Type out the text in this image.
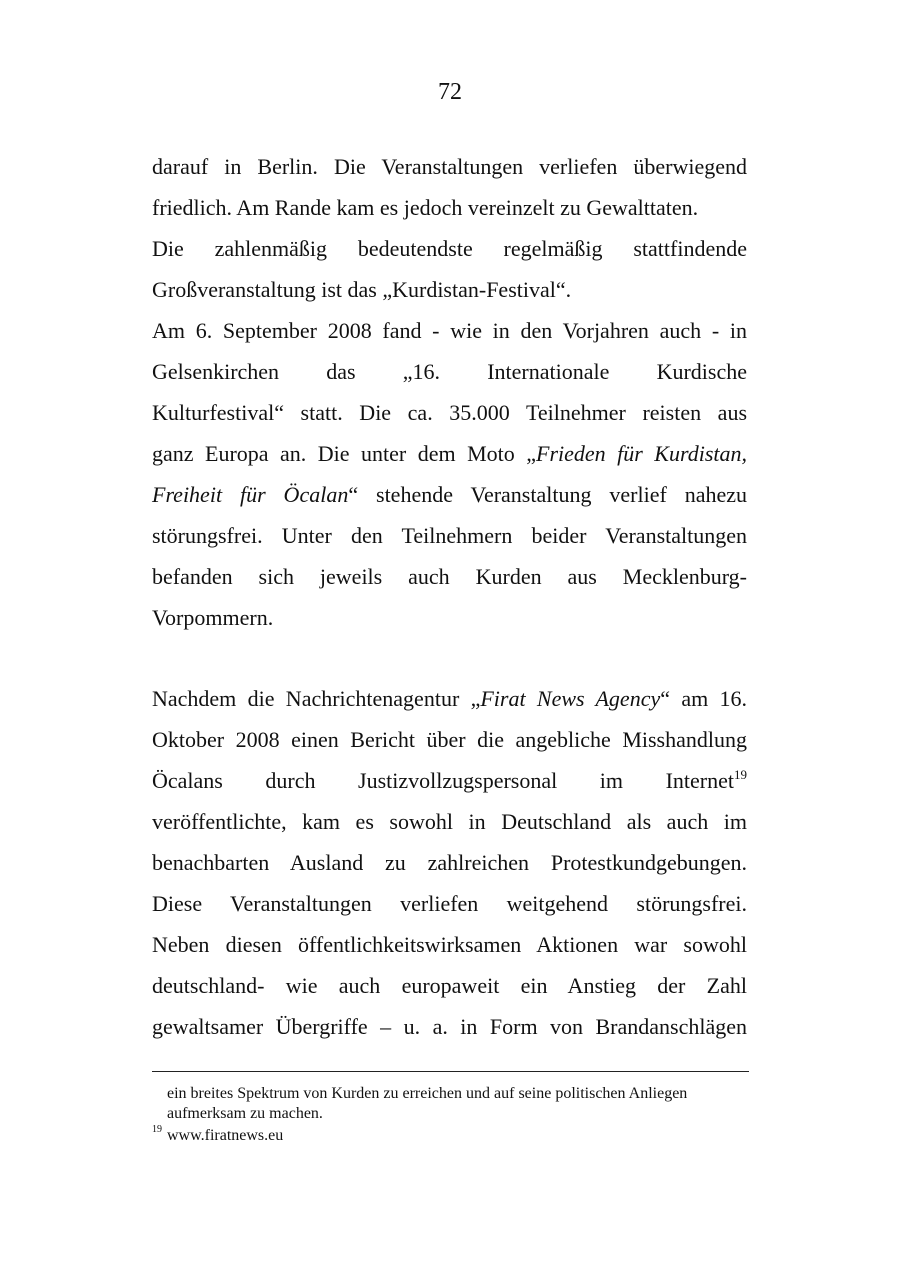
72
darauf in Berlin. Die Veranstaltungen verliefen überwiegend
friedlich. Am Rande kam es jedoch vereinzelt zu Gewalttaten.
Die zahlenmäßig bedeutendste regelmäßig stattfindende
Großveranstaltung ist das „Kurdistan-Festival“.
Am 6. September 2008 fand - wie in den Vorjahren auch - in
Gelsenkirchen das „16. Internationale Kurdische
Kulturfestival“ statt. Die ca. 35.000 Teilnehmer reisten aus
ganz Europa an. Die unter dem Moto „Frieden für Kurdistan,
Freiheit für Öcalan“ stehende Veranstaltung verlief nahezu
störungsfrei. Unter den Teilnehmern beider Veranstaltungen
befanden sich jeweils auch Kurden aus Mecklenburg-
Vorpommern.
Nachdem die Nachrichtenagentur „Firat News Agency“ am 16.
Oktober 2008 einen Bericht über die angebliche Misshandlung
Öcalans durch Justizvollzugspersonal im Internet$^{19}$
veröffentlichte, kam es sowohl in Deutschland als auch im
benachbarten Ausland zu zahlreichen Protestkundgebungen.
Diese Veranstaltungen verliefen weitgehend störungsfrei.
Neben diesen öffentlichkeitswirksamen Aktionen war sowohl
deutschland- wie auch europaweit ein Anstieg der Zahl
gewaltsamer Übergriffe – u. a. in Form von Brandanschlägen
ein breites Spektrum von Kurden zu erreichen und auf seine politischen Anliegen
aufmerksam zu machen.
19 www.firatnews.eu
